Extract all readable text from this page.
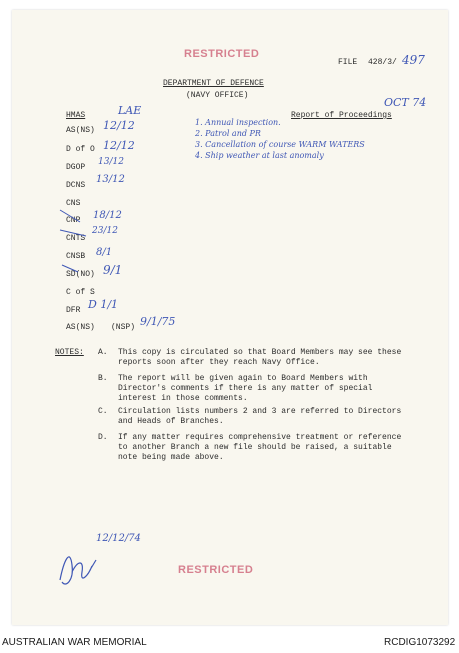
RESTRICTED
FILE 428/3/ 497
DEPARTMENT OF DEFENCE
(NAVY OFFICE)
LAE
OCT 74
HMAS	Report of Proceedings
AS(NS) 12/12
D of O 12/12
DGOP
13/12
DCNS
13/12
CNS
CNP 18/12
CNTS
23/12
CNSB 8/1
SD(NO) 9/1
C of S
DFR D 1/1
AS(NS) (NSP) 9/1/75
1. Annual inspection.
2. Patrol and PR
3. Cancellation of course WARM WATERS
4. Ship weather at last anomaly
NOTES: A. This copy is circulated so that Board Members may see these reports soon after they reach Navy Office.
B. The report will be given again to Board Members with Director's comments if there is any matter of special interest in those comments.
C. Circulation lists numbers 2 and 3 are referred to Directors and Heads of Branches.
D. If any matter requires comprehensive treatment or reference to another Branch a new file should be raised, a suitable note being made above.
12/12/74
RESTRICTED
AUSTRALIAN WAR MEMORIAL	RCDIG1073292
